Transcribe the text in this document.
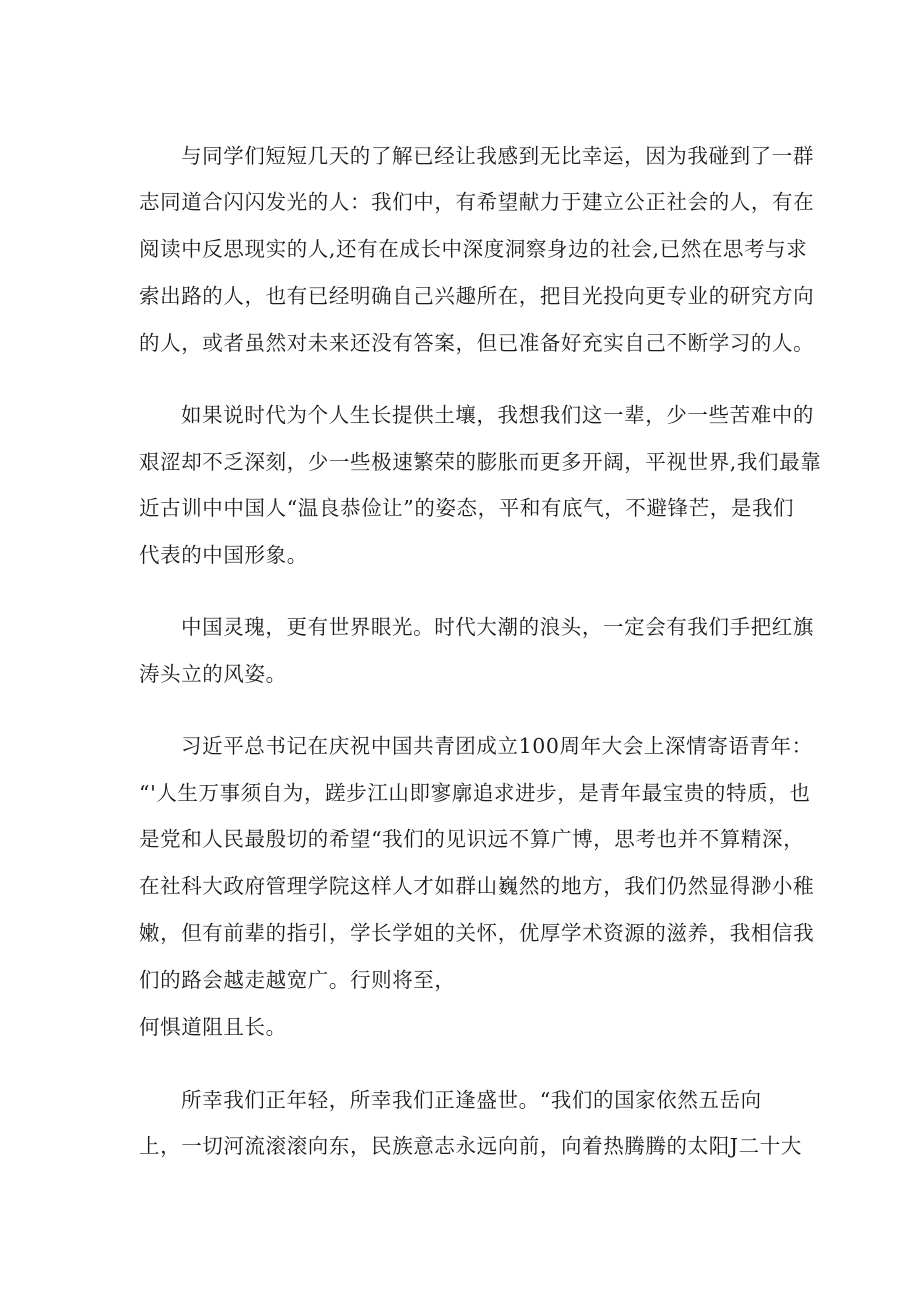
与同学们短短几天的了解已经让我感到无比幸运，因为我碰到了一群
志同道合闪闪发光的人：我们中，有希望献力于建立公正社会的人，有在
阅读中反思现实的人,还有在成长中深度洞察身边的社会,已然在思考与求
索出路的人，也有已经明确自己兴趣所在，把目光投向更专业的研究方向
的人，或者虽然对未来还没有答案，但已准备好充实自己不断学习的人。
如果说时代为个人生长提供土壤，我想我们这一辈，少一些苦难中的
艰涩却不乏深刻，少一些极速繁荣的膨胀而更多开阔，平视世界,我们最靠
近古训中中国人“温良恭俭让”的姿态，平和有底气，不避锋芒，是我们
代表的中国形象。
中国灵瑰，更有世界眼光。时代大潮的浪头，一定会有我们手把红旗
涛头立的风姿。
习近平总书记在庆祝中国共青团成立100周年大会上深情寄语青年：
“'人生万事须自为，蹉步江山即寥廓追求进步，是青年最宝贵的特质，也
是党和人民最殷切的希望“我们的见识远不算广博，思考也并不算精深，
在社科大政府管理学院这样人才如群山巍然的地方，我们仍然显得渺小稚
嫩，但有前辈的指引，学长学姐的关怀，优厚学术资源的滋养，我相信我
们的路会越走越宽广。行则将至，
何惧道阻且长。
所幸我们正年轻，所幸我们正逢盛世。“我们的国家依然五岳向
上，一切河流滚滚向东，民族意志永远向前，向着热腾腾的太阳J二十大
